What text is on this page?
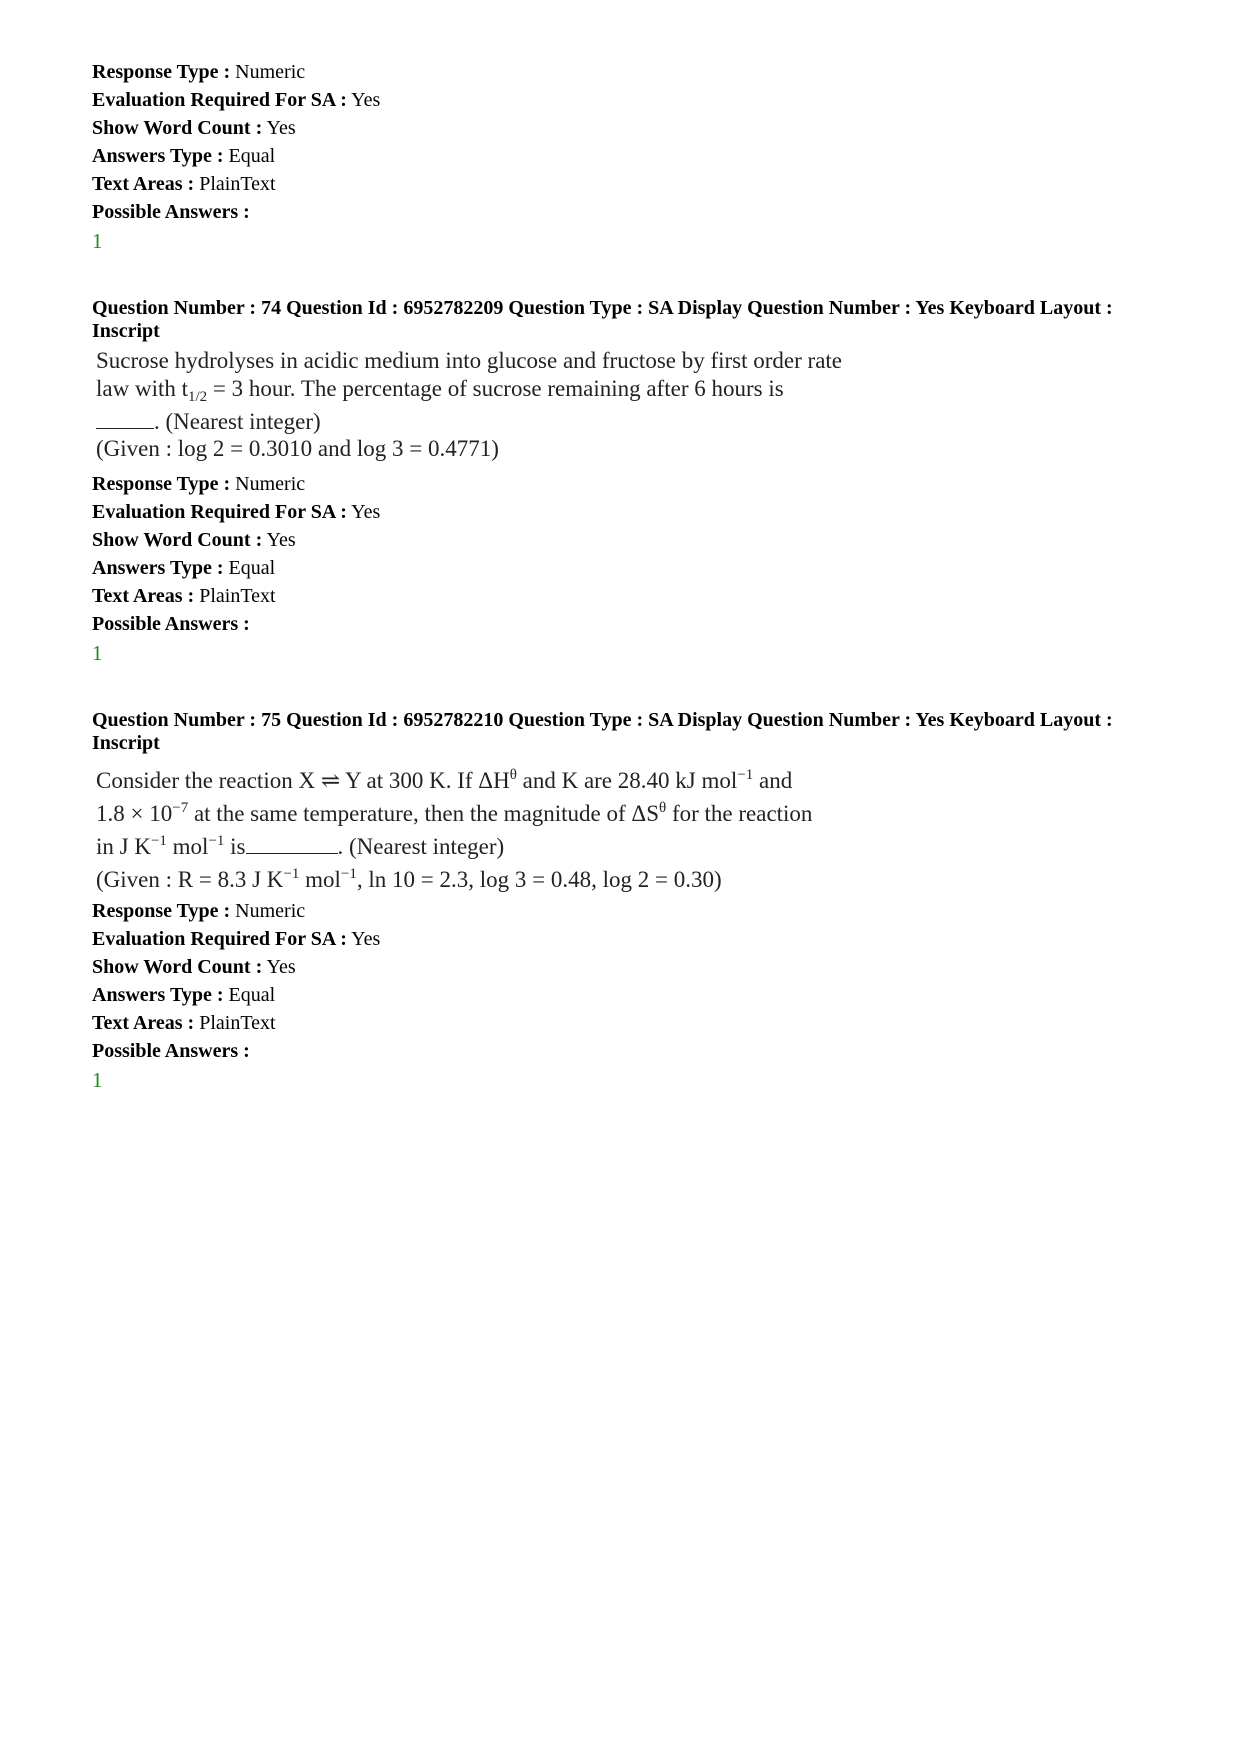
Response Type : Numeric
Evaluation Required For SA : Yes
Show Word Count : Yes
Answers Type : Equal
Text Areas : PlainText
Possible Answers :
1
Question Number : 74 Question Id : 6952782209 Question Type : SA Display Question Number : Yes Keyboard Layout : Inscript
Sucrose hydrolyses in acidic medium into glucose and fructose by first order rate
law with $t_{1/2} = 3$ hour. The percentage of sucrose remaining after 6 hours is
. (Nearest integer)
(Given : log 2 = 0.3010 and log 3 = 0.4771)
Response Type : Numeric
Evaluation Required For SA : Yes
Show Word Count : Yes
Answers Type : Equal
Text Areas : PlainText
Possible Answers :
1
Question Number : 75 Question Id : 6952782210 Question Type : SA Display Question Number : Yes Keyboard Layout : Inscript
Consider the reaction X ⇌ Y at 300 K. If $\Delta H^\theta$ and K are 28.40 kJ mol$^{-1}$ and
$1.8 \times 10^{-7}$ at the same temperature, then the magnitude of $\Delta S^\theta$ for the reaction
in J $K^{-1}$ mol$^{-1}$ is	. (Nearest integer)
(Given : R = 8.3 J $K^{-1}$ mol$^{-1}$, ln 10 = 2.3, log 3 = 0.48, log 2 = 0.30)
Response Type : Numeric
Evaluation Required For SA : Yes
Show Word Count : Yes
Answers Type : Equal
Text Areas : PlainText
Possible Answers :
1
